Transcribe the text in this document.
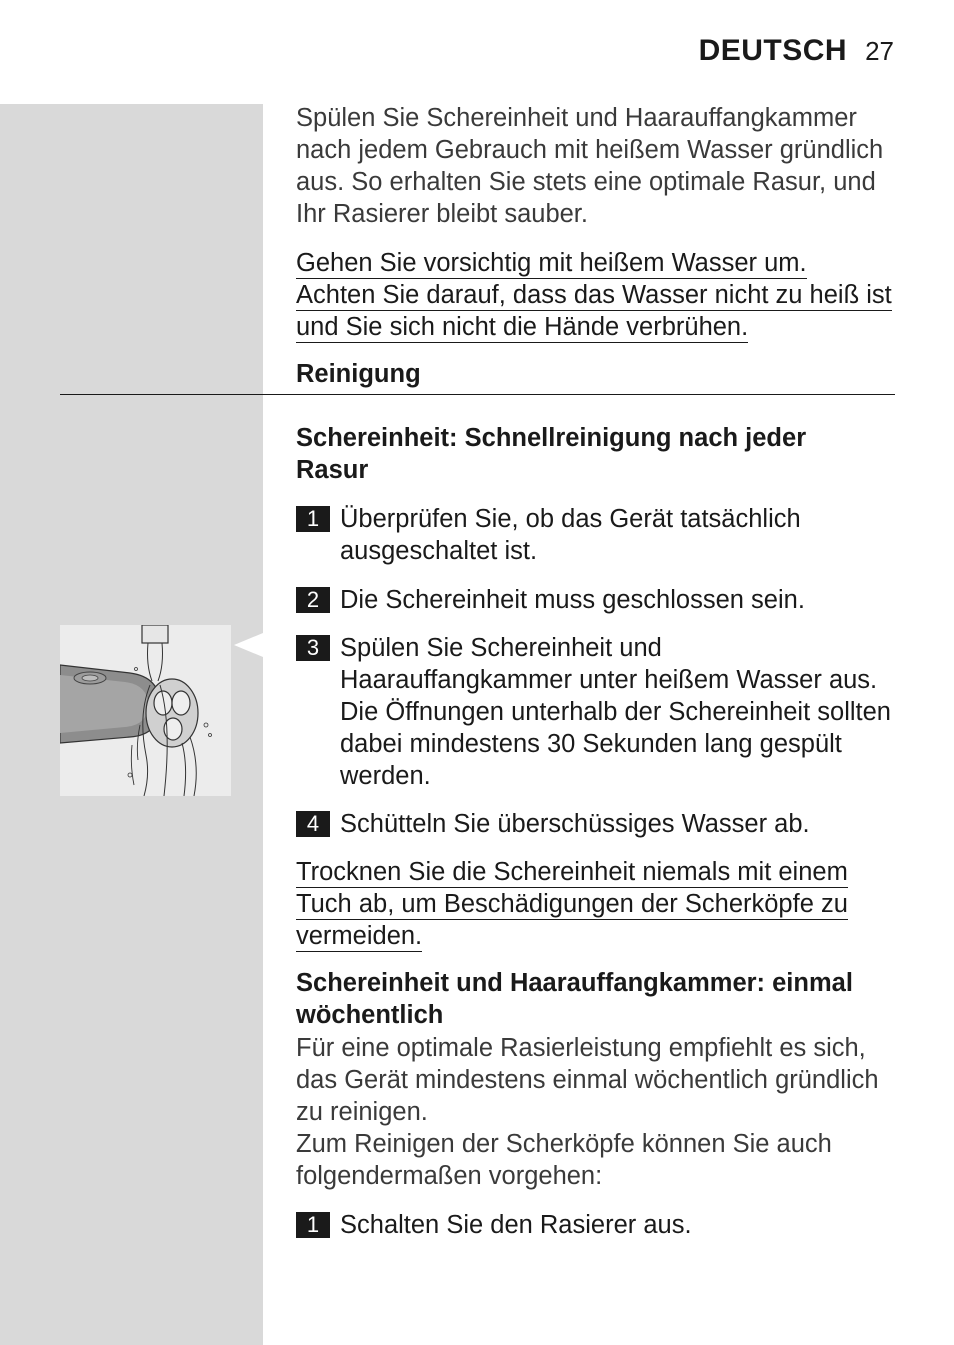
DEUTSCH 27

Spülen Sie Schereinheit und Haarauffangkammer nach jedem Gebrauch mit heißem Wasser gründlich aus. So erhalten Sie stets eine optimale Rasur, und Ihr Rasierer bleibt sauber.

Gehen Sie vorsichtig mit heißem Wasser um.
Achten Sie darauf, dass das Wasser nicht zu heiß ist
und Sie sich nicht die Hände verbrühen.
Reinigung
Schereinheit: Schnellreinigung nach jeder Rasur
1 Überprüfen Sie, ob das Gerät tatsächlich ausgeschaltet ist.
2 Die Schereinheit muss geschlossen sein.
3 Spülen Sie Schereinheit und Haarauffangkammer unter heißem Wasser aus. Die Öffnungen unterhalb der Schereinheit sollten dabei mindestens 30 Sekunden lang gespült werden.
4 Schütteln Sie überschüssiges Wasser ab.
Trocknen Sie die Schereinheit niemals mit einem
Tuch ab, um Beschädigungen der Scherköpfe zu
vermeiden.
Schereinheit und Haarauffangkammer: einmal wöchentlich

Für eine optimale Rasierleistung empfiehlt es sich, das Gerät mindestens einmal wöchentlich gründlich zu reinigen.

Zum Reinigen der Scherköpfe können Sie auch folgendermaßen vorgehen:

1 Schalten Sie den Rasierer aus.
